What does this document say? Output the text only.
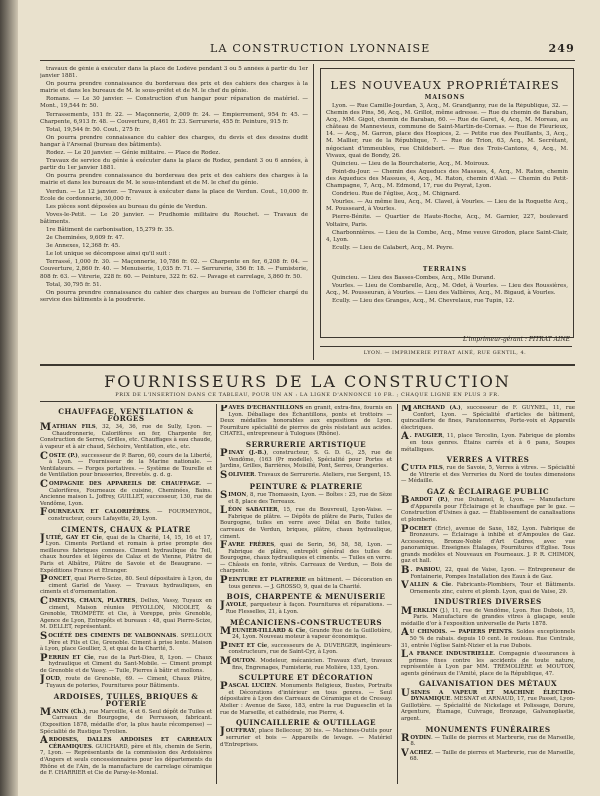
LA CONSTRUCTION LYONNAISE	249

travaux de génie à exécuter dans la place de Lodève pendant 3 ou 5 années à partir du 1er janvier 1881.

On pourra prendre connaissance du bordereau des prix et des cahiers des charges à la mairie et dans les bureaux de M. le sous-préfet et de M. le chef du génie.

Romans. — Le 30 janvier. — Construction d'un hangar pour réparation de matériel. — Mont., 19,544 fr. 50.

Terrassements, 151 fr. 22. — Maçonnerie, 2,009 fr. 24. — Empierrement, 954 fr. 45. — Charpente, 6,913 fr. 48. — Couverture, 8,461 fr. 23. Serrurerie, 455 fr. Peinture, 915 fr.

Total, 19,544 fr. 50. Cout., 275 fr.

On pourra prendre connaissance du cahier des charges, du devis et des dessins dudit hangar à l'Arsenal (bureau des bâtiments).

Rodez. — Le 20 janvier. — Génie militaire. — Place de Rodez.

Travaux de service du génie à exécuter dans la place de Rodez, pendant 3 ou 6 années, à partir du 1er janvier 1881.

On pourra prendre connaissance du bordereau des prix et des cahiers des charges à la mairie et dans les bureaux de M. le sous-intendant et de M. le chef du génie.

Verdun. — Le 12 janvier. — Travaux à exécuter dans la place de Verdun. Cout., 10,000 fr. Ecole de cordonnerie, 30,000 fr.

Les pièces sont déposées au bureau du génie de Verdun.

Voves-le-Petit. — Le 20 janvier. — Prudhomie militaire du Rouchet. — Travaux de bâtiments.

1re Bâtiment de carbonisation, 15,279 fr. 35.

2e Cheminées, 9,609 fr. 47.

3e Annexes, 12,368 fr. 45.

Le lot unique se décompose ainsi qu'il suit :

Terrassé, 1,000 fr. 30. — Maçonnerie, 10,786 fr. 02. — Charpente en fer, 6,208 fr. 04. — Couverture, 2,860 fr. 40. — Menuiserie, 1,035 fr. 71. — Serrurerie, 356 fr. 18. — Fumisterie, 808 fr. 63. — Vitrerie, 228 fr. 60. — Peinture, 322 fr. 62. — Pavage et carrelage, 3,860 fr. 50.

Total, 30,795 fr. 51.

On pourra prendre connaissance du cahier des charges au bureau de l'officier chargé du service des bâtiments à la poudrerie.

LES NOUVEAUX PROPRIÉTAIRES
MAISONS

Lyon. — Rue Camille-Jourdan, 3, Acq., M. Grandjanny, rue de la République, 32. — Chemin des Pins, 56, Acq., M. Grillot, même adresse. — Rue du chemin de Baraban, Acq., MM. Gigot, chemin de Baraban, 60. — Rue de Garet, 4, Acq., M. Moreau, au château de Mannevieux, commune de Saint-Martin-de-Cornas. — Rue de Fleurieux, 14. — Acq., M. Garron, place des Hospices, 2. — Petite rue des Feuillants, 3, Acq., M. Mallier, rue de la République, 7. — Rue de Trion, 63, Acq., M. Secrétant, négociant d'immeubles, rue Childebert. — Rue des Trois-Cantons, 4, Acq., M. Vivaux, quai de Bondy, 26.

Quincieu. — Lieu de la Bourchaterie, Acq., M. Moiroux.

Point-du-Jour. — Chemin des Aqueducs des Massues, 4, Acq., M. Raton, chemin des Aqueducs des Massues, 4, Acq., M. Raton, chemin d'Alaï. — Chemin du Petit-Champagne, 7, Acq., M. Edmond, 17, rue du Peyrat, Lyon.

Condrieu. Rue de l'église, Acq., M. Chignard.

Vourles. — Au même lieu, Acq., M. Clavel, à Vourles. — Lieu de la Roquette Acq., M. Pousseard, à Vourles.

Pierre-Bénite. — Quartier de Haute-Roche, Acq., M. Garnier, 227, boulevard Voltaire, Paris.

Charbonnières. — Lieu de la Combe, Acq., Mme veuve Girodon, place Saint-Clair, 4, Lyon.

Ecully. — Lieu de Calabert, Acq., M. Peyre.

TERRAINS

Quincieu. — Lieu des Basses-Combes, Acq., Mlle Durand.

Vourles. — Lieu de Combarelle, Acq., M. Odet, à Vourles. — Lieu des Roussières, Acq., M. Pousseuran, à Vourles. — Lieu des Vallières, Acq., M. Bigaud, à Vourles.

Ecully. — Lieu des Granges, Acq., M. Chevrelaux, rue Tupin, 12.

L'imprimeur-gérant : PITRAT AINE
LYON. — IMPRIMERIE PITRAT AINÉ, RUE GENTIL, 4.
FOURNISSEURS DE LA CONSTRUCTION
PRIX DE L'INSERTION DANS CE TABLEAU, POUR UN AN : LA LIGNE D'ANNONCE 10 FR. ; CHAQUE LIGNE EN PLUS 3 FR.
CHAUFFAGE, VENTILATION & FORGES
MATHIAN FILS, 32, 34, 36, rue de Sully, Lyon. — Chaudronnerie, Calorifères en fer, Charpente fer, Construction de Serres, Grilles, etc. Chauffages à eau chaude, à vapeur et à air chaud, Séchoirs, Ventilation, etc., etc.
COSTE (P.), successeur de P. Baron, 60, cours de la Liberté, à Lyon. — Fournisseur de la Marine nationale. — Ventilateurs. — Forges portatives. — Système de Tourelle et de Ventilation pour brasseries, Brevetés. g. d. g.
COMPAGNIE DES APPAREILS DE CHAUFFAGE. — Calorifères, Fourneaux de cuisine, Cheminées, Bains. Ancienne maison L. Joffrey, GUILLET, successeur, 130, rue de Vendôme, Lyon.
FOURNEAUX ET CALORIFÈRES. — FOURMEYROL, constructeur, cours Lafayette, 29, Lyon.
CIMENTS, CHAUX & PLATRE
JUTIÉ, GAY ET Cie, quai de la Charité, 14, 15, 16 et 17, Lyon. Ciments Portland et romain à prise prompte des meilleures fabriques connues. Ciment hydraulique du Teil, chaux hourdes et légères de Calaz et de Vienne, Plâtre de Paris et Albâtre, Plâtre de Savoie et de Beaugrane. — Expéditions France et Etranger.
PONCET, quai Pierre-Scize, 80. Seul dépositaire à Lyon, du ciment Gariel de Vassy. — Travaux hydrauliques, en ciments et d'ornementation.
CIMENTS, CHAUX, PLATRES, Dellux, Vassy, Tuyaux en ciment, Maison réunies PEYOLLON, NICOLET, & Grenoble, TROMPÈTE et Cie, à Voreppe, près Grenoble, Agence de Lyon, Entrepôts et bureaux : 48, quai Pierre-Scize, M. DELLET, représentant.
SOCIÉTÉ DES CIMENTS DE VALBONNAIS. SPELLOUX Père et Fils et Cie, Grenoble. Ciment à prise lente. Maison à Lyon, place Goullier, 3, et quai de la Charité, 5.
PERRIN ET Cie, rue de la Part-Dieu, 8, Lyon. — Chaux hydraulique et Ciment du Sant-Mobile. — Ciment prompt de Grenoble et de Vassy. — Tuile, Pierres à bâtir et mollons.
JOUD, route de Grenoble, 69. — Ciment, Chaux Plâtre, Tuyaux de poteries, Fournitures pour Bâtiments.
ARDOISES, TUILES, BRIQUES & POTERIE
MANIN (Ch.), rue Marceille, 4 et 6. Seul dépôt de Tuiles et Carreaux de Bourgogne, de Perrusson, fabricant. (Exposition 1878, médaille d'or, la plus haute récompense) — Spécialité de Rustique Tyrolien.
ARDOISES, DALLES ARDOISES ET CARREAUX CÉRAMIQUES. GUICHARD, père et fils, chemin de Serin, 7, Lyon. — Représentants de la commission des Ardoisières d'Angers et seuls concessionnaires pour les départements du Rhône et de l'Ain, de la manufacture de carrelage céramique de F. CHARRIER et Cie de Paray-le-Monial.
PAVÉS D'ÉCHANTILLONS en granit, extra-fins, fournis en Lyon. Déballage des Échantillons, ponts et trottoirs — Deux médailles honorables aux expositions de Lyon. Fourniture spécialité de pierres de grès résistant aux acides. CHATEL, entrepreneur à Tulogues (Rhône).
SERRURERIE ARTISTIQUE
PINAY (J.-B.), constructeur, S. G. D. G., 25, rue de Vendôme, (163 (Pr modelle). Spécialité pour Portes et Jardins, Grilles, Barrières, Moisillé, Pont, Serres, Orangeries.
SOLIVIER. Travaux de Serrurerie. Ateliers, rue Sergent, 15.
PEINTURE & PLATRERIE
SIMON, 8, rue Thomassin, Lyon. — Boîtes : 25, rue de Sèze et 8, place des Terreaux.
LÉON SABATIER, 15, rue du Bouvreuil, Lyon-Vaise. — Fabrique de plâtre. — Dépôts de plâtre de Paris, Tuiles de Bourgogne, tuiles en verre avec Délai en Boite tuiles, carreaux de Verdun, briques, plâtre, chaux hydraulique, ciment.
FAVRE FRÈRES, quai de Serin, 56, 58, 58, Lyon. — Fabrique de plâtre, entrepôt général des tuiles de Bourgogne, chaux hydrauliques et ciments. — Tuiles en verre. — Châssis en fonte, vitrés. Carreaux de Verdun, — Bois de charpente.
PEINTURE ET PLATRERIE en bâtiment. — Décoration en tous genres. — J. GROSSO, 9, quai de la Charité.
BOIS, CHARPENTE & MENUISERIE
JAYOLE, parqueteur à façon. Fournitures et réparations. — Rue Flesselles, 21, à Lyon.
MÉCANICIENS-CONSTRUCTEURS
MEUNIER-TILLARD & Cie, Grande Rue de la Guillotière, 24, Lyon. Nouveau moteur à vapeur économique.
PINET ET Cie, successeurs de A. DUVERGER, ingénieurs-constructeurs, rue de Saint-Cyr, à Lyon.
MOUTON. Modeleur, mécanicien. Travaux d'art, travaux fins, Engrenages, Fumisterie, rue Molière, 135, Lyon.
SCULPTURE ET DÉCORATION
PASCAL LUCIEN. Monuments Religieux, Bustes, Portraits et Décorations d'intérieur en tous genres. — Seul dépositaire à Lyon des Carreaux de Céramique et de Cressay. Atelier : Avenue de Saxe, 183, entre la rue Duguesclin et la rue de Marseille, et cathédrale, rue Pierre, 4.
QUINCAILLERIE & OUTILLAGE
JOUFFRAY, place Bellecour, 30 bis. — Machines-Outils pour serrurier et bois — Appareils de levage. — Matériel d'Entreprises.
MARCHAND (A.), successeur de F. GUYNEL, 11, rue Confort, Lyon. — Spécialité d'articles de bâtiment, quincaillerie de fines, Paratonnerres, Porte-voix et Appareils électriques.
A . FAUGIER, 11, place Tercelin, Lyon. Fabrique de plombs en tous genres. Étains carrés et à 6 pans, Soupes métalliques.
VERRES A VITRES
CUTTA FILS, rue de Savoie, 5, Verres à vitres. — Spécialité de Vitrerie et des Verreries du Nord de toutes dimensions — Médaille.
GAZ & ÉCLAIRAGE PUBLIC
BARDOT (P.), rue Duhamel, 8, Lyon. — Manufacture d'Appareils pour l'Éclairage et le chauffage par le gaz. — Construction d'Usines à gaz. — Établissement de canalisations et plomberie.
POCHET (Eric), avenue de Saxe, 182, Lyon. Fabrique de Bronzeurs. — Éclairage à inhibé et d'Ampoules de Gaz. Accessoires, Bronze-Noble d'Art Cadres, avec vue panoramique. Enseignes Étalages, Fournitures d'Église. Tous grands modèles et Nouveaux en Fourneaux. J. P. R. CHIMON, gaz et hall.
B . PABIOU, 22, quai de Vaise, Lyon. — Entrepreneur de Fontainerie, Pompes Installation des Eaux à de Gaz.
VALLIN & Cie. Fabricants-Plombiers, Tour et Bâtiments. Ornements zinc, cuivre et plomb. Lyon, quai de Vaise, 29.
INDUSTRIES DIVERSES
MERKLIN (J.), 11, rue de Vendôme, Lyon. Rue Dubois, 15, Paris. Manufacture de grandes vitres à glaçage, seule médaille d'or à l'exposition universelle de Paris 1878.
A U CHINOIS. — PAPIERS PEINTS. Soldes exceptionnels 50 % de rabais. depuis 10 cent. le rouleau. Rue Centrale, 31, entrée l'église Saint-Nizier et la rue Dubois.
L A FRANCE INDUSTRIELLE. Compagnie d'assurances à primes fixes contre les accidents de toute nature, représentée à Lyon par MM. TRÉMOLIÈRE et MOUTON, agents généraux de l'Amité, place de la République, 47.
GALVANISATION DES MÉTAUX
USINES A VAPEUR ET MACHINE ÉLECTRO-DYNAMIQUE. MESNAT et ARNAUD, 17, rue Passet, Lyon-Guillotière. — Spécialité de Nickelage et Polissage, Dorure, Argenture, Étamage, Cuivrage, Bronzage, Galvanoplastie, argent.
MONUMENTS FUNÉRAIRES
ROYDIN. — Taille de pierres et Marbrerie, rue de Marseille, 8.
VACHEZ. — Taille de pierres et Marbrerie, rue de Marseille, 68.
